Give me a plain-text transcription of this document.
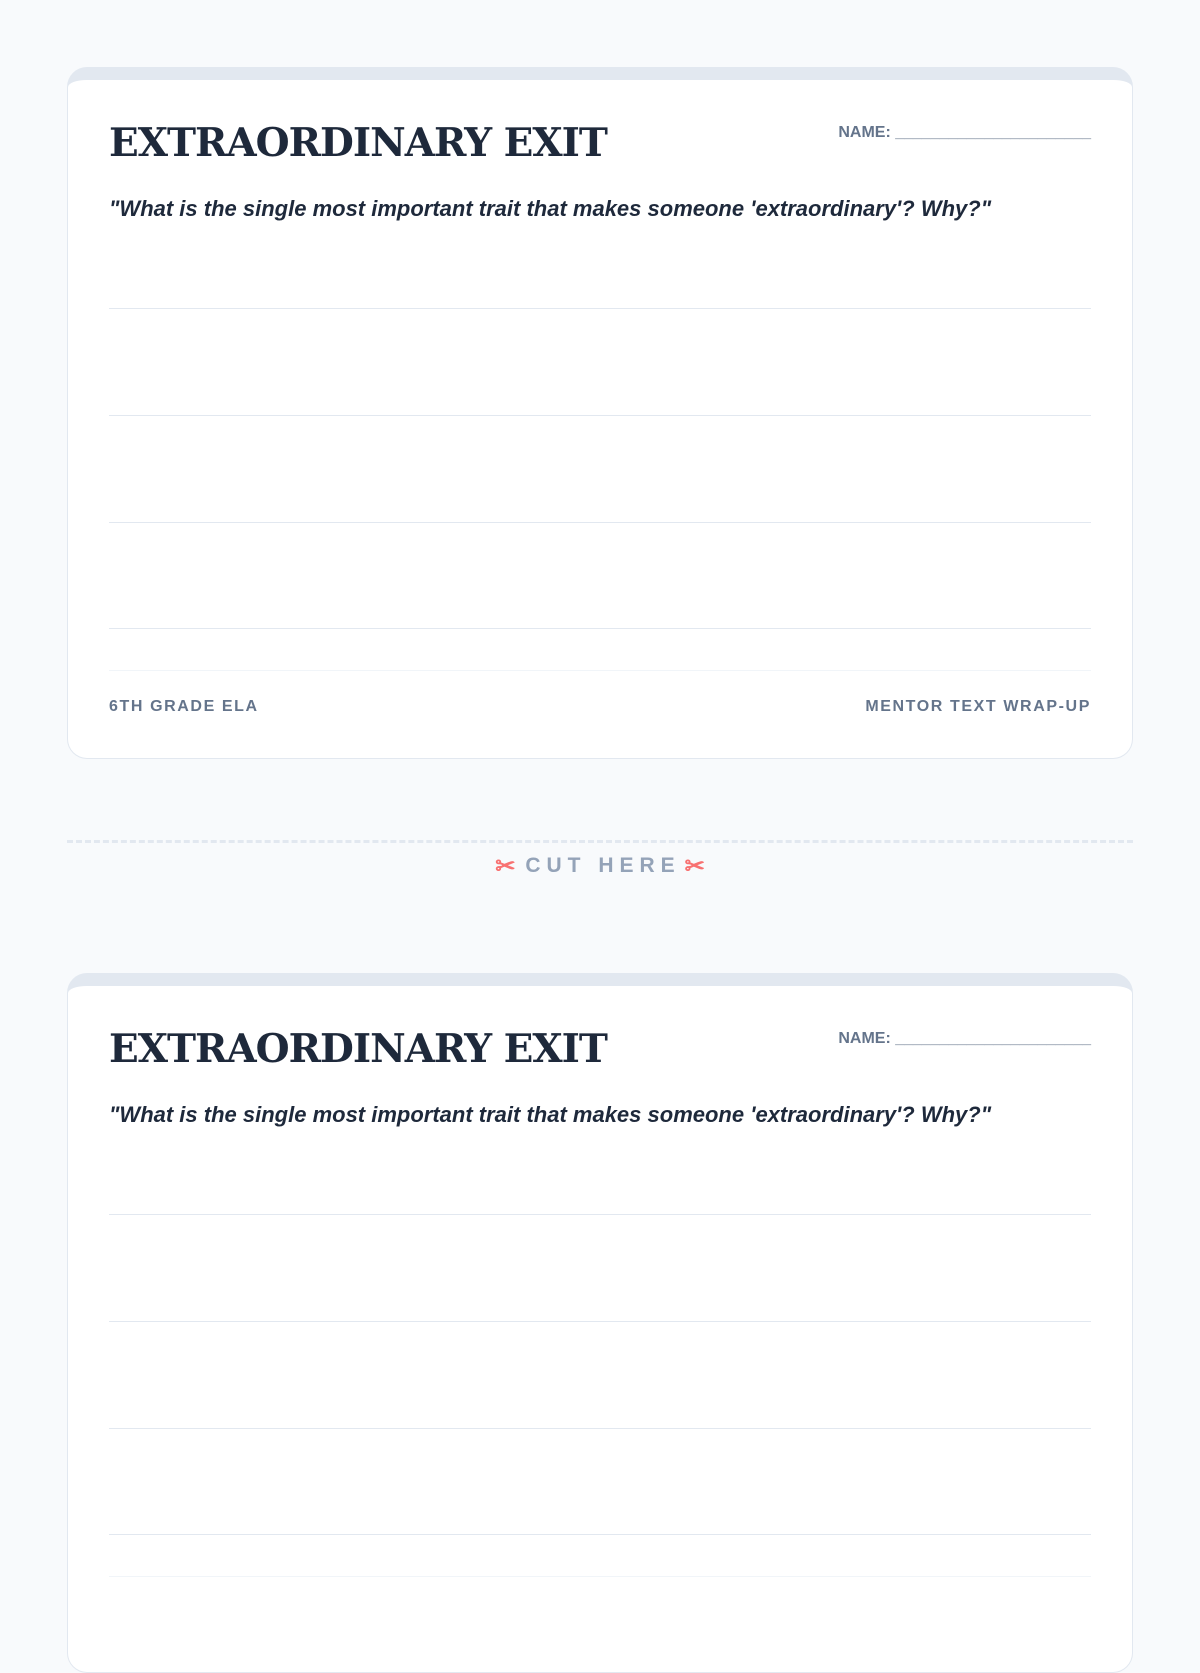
EXTRAORDINARY EXIT	NAME: ______________________

"What is the single most important trait that makes someone 'extraordinary'? Why?"

6TH GRADE ELA	MENTOR TEXT WRAP-UP
✂ CUT HERE ✂
EXTRAORDINARY EXIT	NAME: ______________________

"What is the single most important trait that makes someone 'extraordinary'? Why?"
